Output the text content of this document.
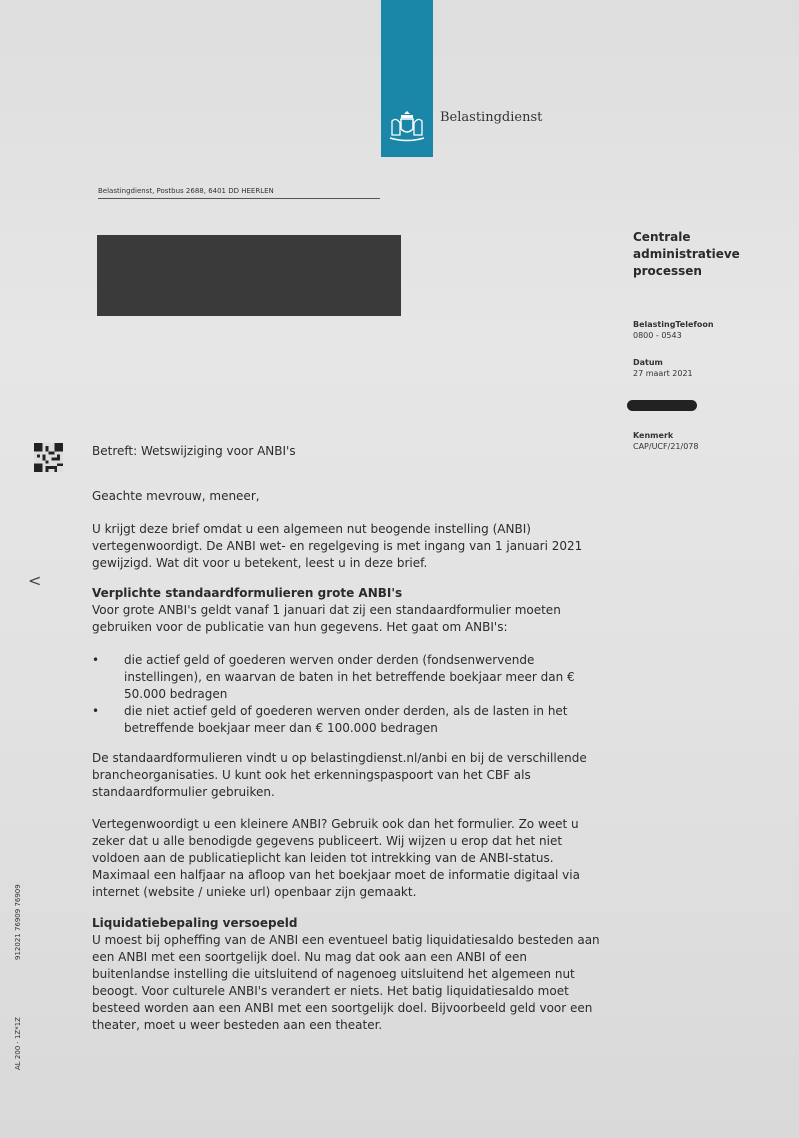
Belastingdienst
Belastingdienst, Postbus 2688, 6401 DD HEERLEN
Centrale
administratieve
processen
BelastingTelefoon
0800 - 0543
Datum
27 maart 2021
Kenmerk
CAP/UCF/21/078
Betreft: Wetswijziging voor ANBI's
Geachte mevrouw, meneer,
U krijgt deze brief omdat u een algemeen nut beogende instelling (ANBI) vertegenwoordigt. De ANBI wet- en regelgeving is met ingang van 1 januari 2021 gewijzigd. Wat dit voor u betekent, leest u in deze brief.
<

Verplichte standaardformulieren grote ANBI's

Voor grote ANBI's geldt vanaf 1 januari dat zij een standaardformulier moeten gebruiken voor de publicatie van hun gegevens. Het gaat om ANBI's:

• die actief geld of goederen werven onder derden (fondsenwervende instellingen), en waarvan de baten in het betreffende boekjaar meer dan € 50.000 bedragen
• die niet actief geld of goederen werven onder derden, als de lasten in het betreffende boekjaar meer dan € 100.000 bedragen
De standaardformulieren vindt u op belastingdienst.nl/anbi en bij de verschillende brancheorganisaties. U kunt ook het erkenningspaspoort van het CBF als standaardformulier gebruiken.
Vertegenwoordigt u een kleinere ANBI? Gebruik ook dan het formulier. Zo weet u zeker dat u alle benodigde gegevens publiceert. Wij wijzen u erop dat het niet voldoen aan de publicatieplicht kan leiden tot intrekking van de ANBI-status. Maximaal een halfjaar na afloop van het boekjaar moet de informatie digitaal via internet (website / unieke url) openbaar zijn gemaakt.

Liquidatiebepaling versoepeld

U moest bij opheffing van de ANBI een eventueel batig liquidatiesaldo besteden aan een ANBI met een soortgelijk doel. Nu mag dat ook aan een ANBI of een buitenlandse instelling die uitsluitend of nagenoeg uitsluitend het algemeen nut beoogt. Voor culturele ANBI's verandert er niets. Het batig liquidatiesaldo moet besteed worden aan een ANBI met een soortgelijk doel. Bijvoorbeeld geld voor een theater, moet u weer besteden aan een theater.

912021 76909 76909
AL 200 · 1Z*1Z
